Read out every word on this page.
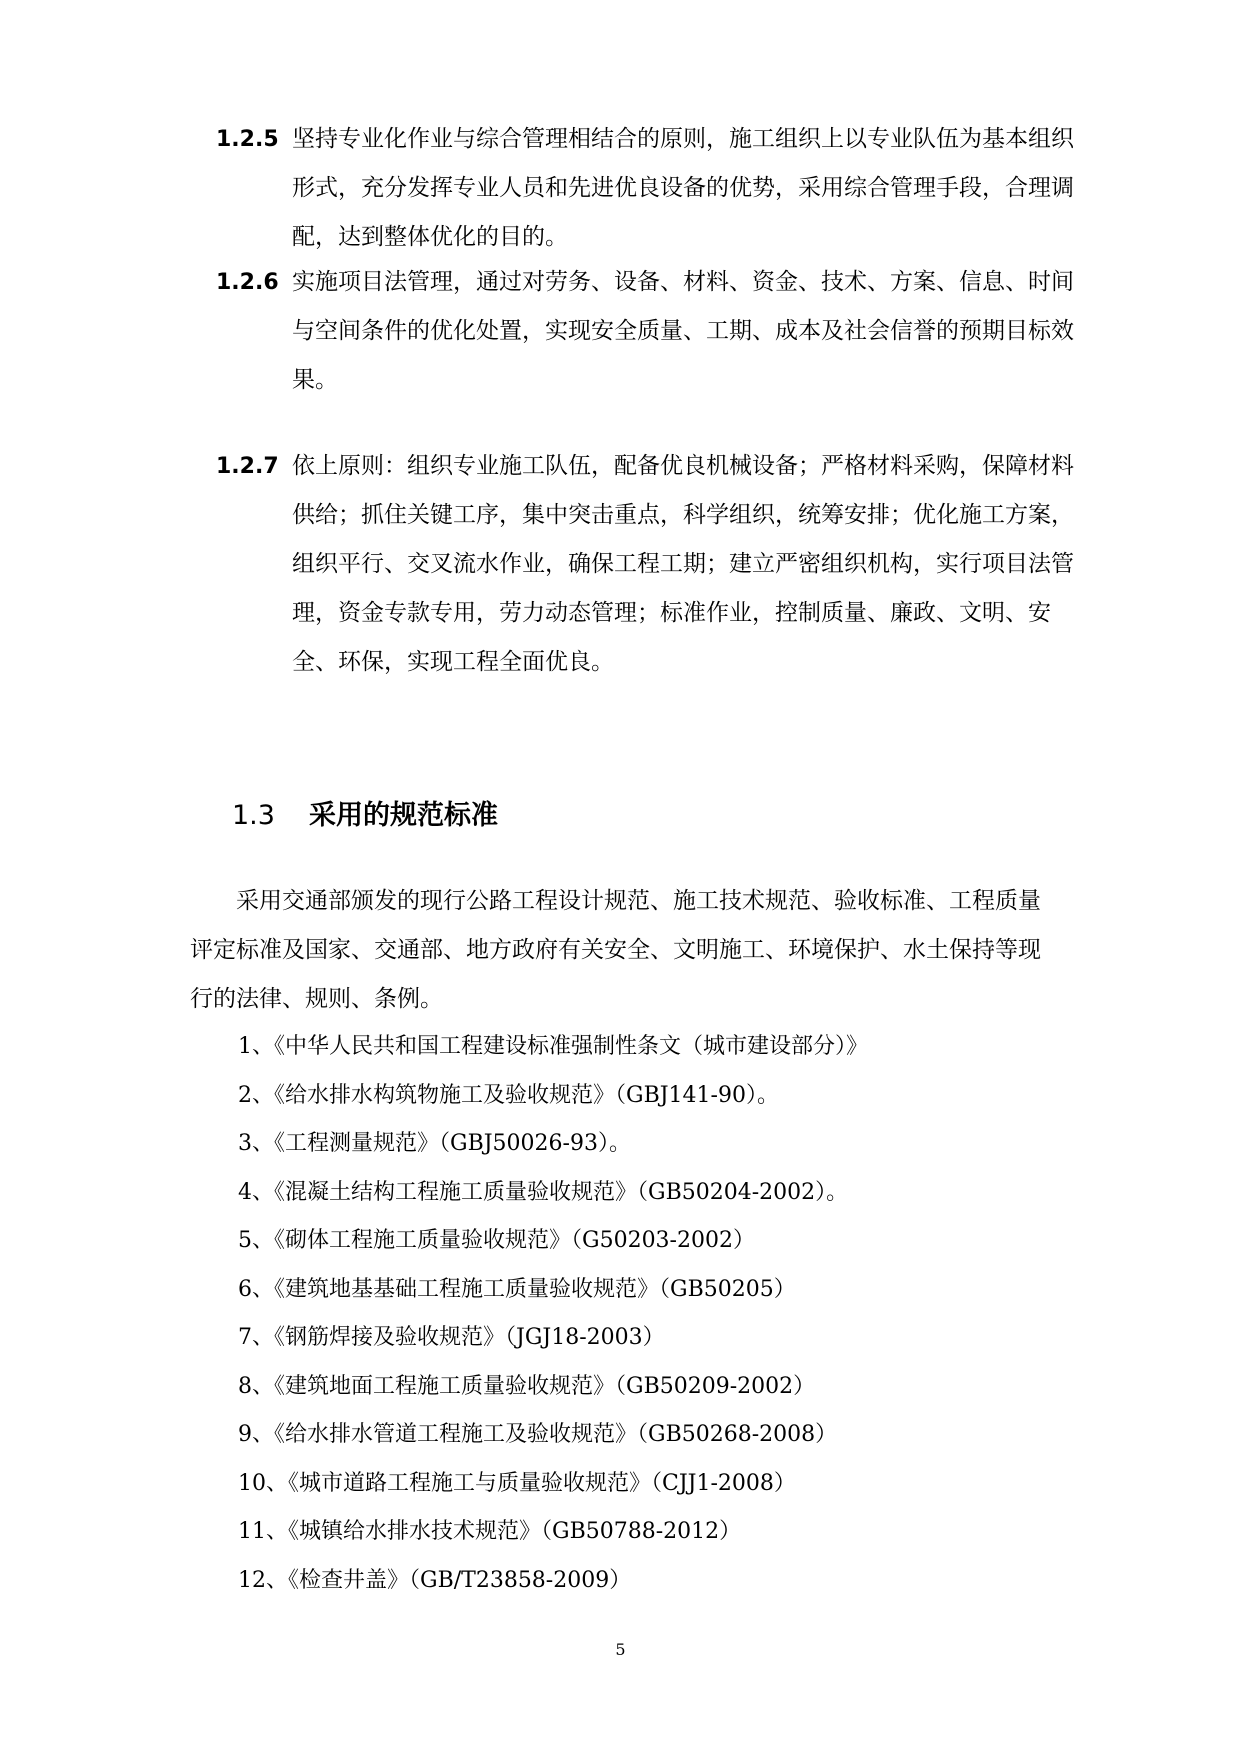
1.2.5 坚持专业化作业与综合管理相结合的原则，施工组织上以专业队伍为基本组织形式，充分发挥专业人员和先进优良设备的优势，采用综合管理手段，合理调配，达到整体优化的目的。
1.2.6 实施项目法管理，通过对劳务、设备、材料、资金、技术、方案、信息、时间与空间条件的优化处置，实现安全质量、工期、成本及社会信誉的预期目标效果。
1.2.7 依上原则：组织专业施工队伍，配备优良机械设备；严格材料采购，保障材料供给；抓住关键工序，集中突击重点，科学组织，统筹安排；优化施工方案，组织平行、交叉流水作业，确保工程工期；建立严密组织机构，实行项目法管理，资金专款专用，劳力动态管理；标准作业，控制质量、廉政、文明、安全、环保，实现工程全面优良。
1.3 采用的规范标准
采用交通部颁发的现行公路工程设计规范、施工技术规范、验收标准、工程质量评定标准及国家、交通部、地方政府有关安全、文明施工、环境保护、水土保持等现行的法律、规则、条例。
1、《中华人民共和国工程建设标准强制性条文（城市建设部分）》
2、《给水排水构筑物施工及验收规范》（GBJ141-90）。
3、《工程测量规范》（GBJ50026-93）。
4、《混凝土结构工程施工质量验收规范》（GB50204-2002）。
5、《砌体工程施工质量验收规范》（G50203-2002）
6、《建筑地基基础工程施工质量验收规范》（GB50205）
7、《钢筋焊接及验收规范》（JGJ18-2003）
8、《建筑地面工程施工质量验收规范》（GB50209-2002）
9、《给水排水管道工程施工及验收规范》（GB50268-2008）
10、《城市道路工程施工与质量验收规范》（CJJ1-2008）
11、《城镇给水排水技术规范》（GB50788-2012）
12、《检查井盖》（GB/T23858-2009）
5
